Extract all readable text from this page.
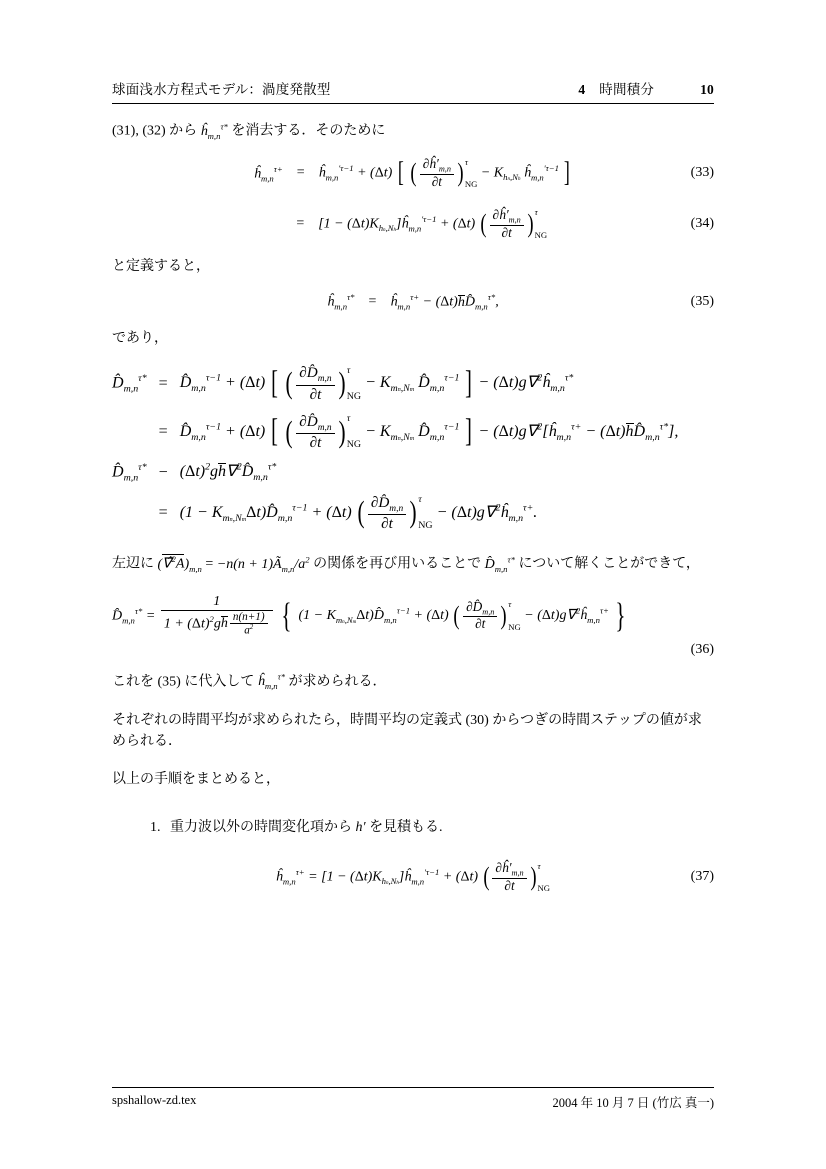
球面浅水方程式モデル：渦度発散型	4 時間積分	10

(31), (32) から $ĥ_{m,n}^{\tau*}$ を消去する．そのために

$ĥ_{m,n}^{\tau+}$	=	$ĥ_{m,n}^{'\tau-1} + (\Delta t)$ [ ( $\frac{\partial ĥ'_{m,n}}{\partial t}$ ) τ
NG
− $K_{hn,Nh}$ $ĥ_{m,n}^{'\tau-1}$ ]	(33)

=	$[1 - (\Delta t)K_{hn,Nh}]ĥ_{m,n}^{'\tau-1} + (\Delta t)$ ( $\frac{\partial ĥ'_{m,n}}{\partial t}$ ) τ
NG
(34)

と定義すると，

$ĥ_{m,n}^{\tau*}$	=	$ĥ_{m,n}^{\tau+}$ − $(\Delta t)hD̂_{m,n}^{\tau*}$,	(35)

であり，

$D̂_{m,n}^{\tau*}$	=	$D̂_{m,n}^{\tau-1} + (\Delta t)$ [ ( $\frac{\partial D̂_{m,n}}{\partial t}$ ) τ
NG
− $K_{mn,Nm}$ $D̂_{m,n}^{\tau-1}$ ] − $(\Delta t)g\nabla^2ĥ_{m,n}^{\tau*}$
	=	$D̂_{m,n}^{\tau-1} + (\Delta t)$ [ ( $\frac{\partial D̂_{m,n}}{\partial t}$ ) τ
NG
− $K_{mn,Nm}$ $D̂_{m,n}^{\tau-1}$ ] − $(\Delta t)g\nabla^2[ĥ_{m,n}^{\tau+}$ − $(\Delta t)hD̂_{m,n}^{\tau*}$],
$D̂_{m,n}^{\tau*}$	−	$(\Delta t)^2gh\nabla^2D̂_{m,n}^{\tau*}$
	=	$(1 - K_{mn,Nm}\Delta t)D̂_{m,n}^{\tau-1} + (\Delta t)$ ( $\frac{\partial D̂_{m,n}}{\partial t}$ ) τ
NG
− $(\Delta t)g\nabla^2ĥ_{m,n}^{\tau+}$.

左辺に $(\nablâ^2A)_{m,n} = -n(n$ + $1)Ã_{m,n}/a^2$ の関係を再び用いることで $D̂_{m,n}^{\tau*}$ について解くことができて，

$D̂_{m,n}^{\tau*} = \frac{1}{1 + (\Delta t)^2gh \frac{n(n+1)}{a^2}}$ { $(1 - K_{mn,Nm}\Delta t)D̂_{m,n}^{\tau-1} + (\Delta t)$ ( $\frac{\partial D̂_{m,n}}{\partial t}$ ) τ
NG
− $(\Delta t)g\nabla^2ĥ_{m,n}^{\tau+}$ }
(36)

これを (35) に代入して $ĥ_{m,n}^{\tau*}$ が求められる．

それぞれの時間平均が求められたら，時間平均の定義式 (30) からつぎの時間ステップの値が求められる．

以上の手順をまとめると，

1. 重力波以外の時間変化項から h′ を見積もる.
$ĥ_{m,n}^{\tau+} = [1$ − $(\Delta t)K_{hn,Nh}]ĥ_{m,n}^{'\tau-1} + (\Delta t)$ ( $\frac{\partial ĥ'_{m,n}}{\partial t}$ ) τ
NG
(37)
spshallow-zd.tex	2004 年 10 月 7 日 (竹広 真一)
